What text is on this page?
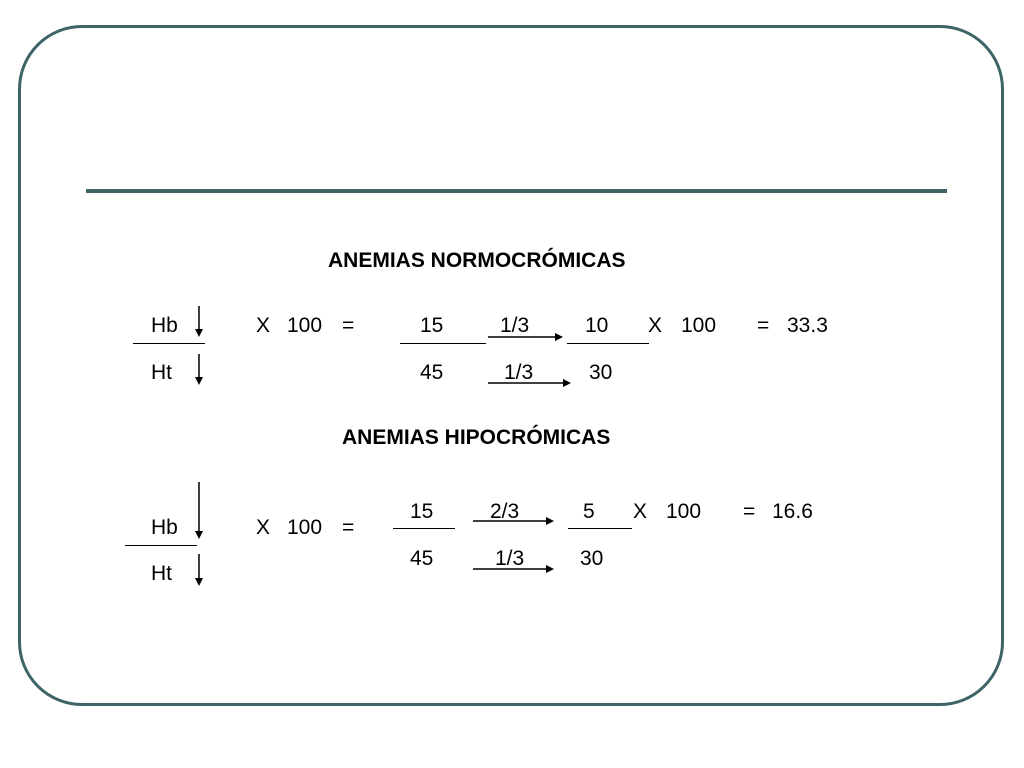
ANEMIAS NORMOCRÓMICAS
Hb
Ht
X 100 =	15
45
1/3
1/3
10
30
X 100 = 33.3
ANEMIAS HIPOCRÓMICAS
Hb
Ht
X 100 =
15
45
2/3
1/3
5
30
X 100 = 16.6
